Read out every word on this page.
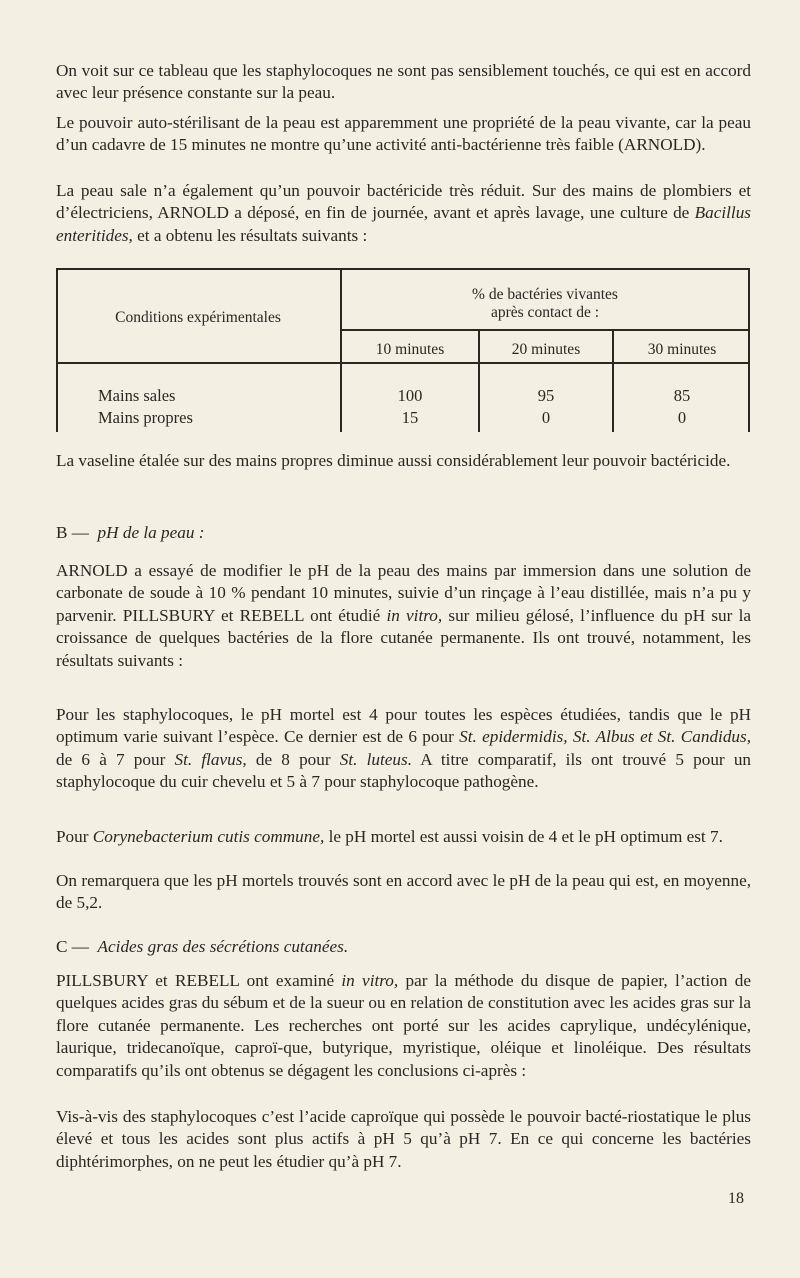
On voit sur ce tableau que les staphylocoques ne sont pas sensiblement touchés, ce qui est en accord avec leur présence constante sur la peau.

Le pouvoir auto-stérilisant de la peau est apparemment une propriété de la peau vivante, car la peau d’un cadavre de 15 minutes ne montre qu’une activité anti-bactérienne très faible (ARNOLD).

La peau sale n’a également qu’un pouvoir bactéricide très réduit. Sur des mains de plombiers et d’électriciens, ARNOLD a déposé, en fin de journée, avant et après lavage, une culture de Bacillus enteritides, et a obtenu les résultats suivants :

Conditions expérimentales
% de bactéries vivantes
après contact de :
10 minutes	20 minutes	30 minutes
Mains sales	100	95	85
Mains propres	15	0	0

La vaseline étalée sur des mains propres diminue aussi considérablement leur pouvoir bactéricide.

B — pH de la peau :

ARNOLD a essayé de modifier le pH de la peau des mains par immersion dans une solution de carbonate de soude à 10 % pendant 10 minutes, suivie d’un rinçage à l’eau distillée, mais n’a pu y parvenir. PILLSBURY et REBELL ont étudié in vitro, sur milieu gélosé, l’influence du pH sur la croissance de quelques bactéries de la flore cutanée permanente. Ils ont trouvé, notamment, les résultats suivants :

Pour les staphylocoques, le pH mortel est 4 pour toutes les espèces étudiées, tandis que le pH optimum varie suivant l’espèce. Ce dernier est de 6 pour St. epidermidis, St. Albus et St. Candidus, de 6 à 7 pour St. flavus, de 8 pour St. luteus. A titre comparatif, ils ont trouvé 5 pour un staphylocoque du cuir chevelu et 5 à 7 pour staphylocoque pathogène.

Pour Corynebacterium cutis commune, le pH mortel est aussi voisin de 4 et le pH optimum est 7.

On remarquera que les pH mortels trouvés sont en accord avec le pH de la peau qui est, en moyenne, de 5,2.

C — Acides gras des sécrétions cutanées.

PILLSBURY et REBELL ont examiné in vitro, par la méthode du disque de papier, l’action de quelques acides gras du sébum et de la sueur ou en relation de constitution avec les acides gras sur la flore cutanée permanente. Les recherches ont porté sur les acides caprylique, undécylénique, laurique, tridecanoïque, caproï-que, butyrique, myristique, oléique et linoléique. Des résultats comparatifs qu’ils ont obtenus se dégagent les conclusions ci-après :

Vis-à-vis des staphylocoques c’est l’acide caproïque qui possède le pouvoir bacté-riostatique le plus élevé et tous les acides sont plus actifs à pH 5 qu’à pH 7. En ce qui concerne les bactéries diphtérimorphes, on ne peut les étudier qu’à pH 7.

18
